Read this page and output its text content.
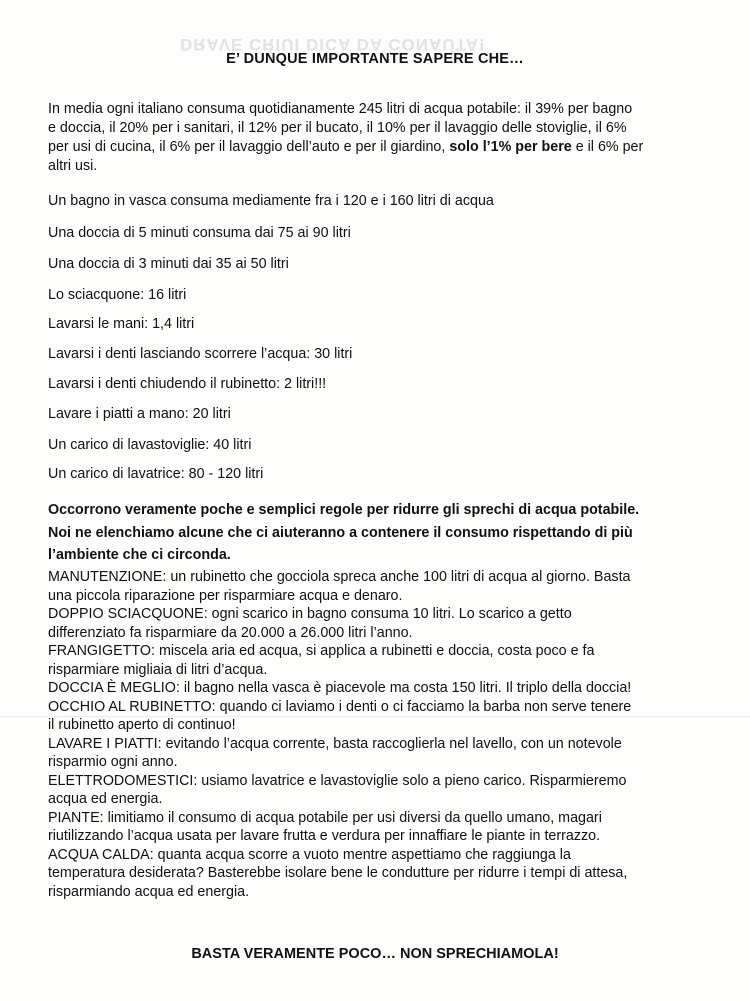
DRAVE CRIUI DICA DA CONAUTA!
E’ DUNQUE IMPORTANTE SAPERE CHE…
In media ogni italiano consuma quotidianamente 245 litri di acqua potabile: il 39% per bagno
e doccia, il 20% per i sanitari, il 12% per il bucato, il 10% per il lavaggio delle stoviglie, il 6%
per usi di cucina, il 6% per il lavaggio dell’auto e per il giardino, solo l’1% per bere e il 6% per
altri usi.
Un bagno in vasca consuma mediamente fra i 120 e i 160 litri di acqua
Una doccia di 5 minuti consuma dai 75 ai 90 litri
Una doccia di 3 minuti dai 35 ai 50 litri
Lo sciacquone: 16 litri
Lavarsi le mani: 1,4 litri
Lavarsi i denti lasciando scorrere l’acqua: 30 litri
Lavarsi i denti chiudendo il rubinetto: 2 litri!!!
Lavare i piatti a mano: 20 litri
Un carico di lavastoviglie: 40 litri
Un carico di lavatrice: 80 - 120 litri
Occorrono veramente poche e semplici regole per ridurre gli sprechi di acqua potabile.
Noi ne elenchiamo alcune che ci aiuteranno a contenere il consumo rispettando di più
l’ambiente che ci circonda.
MANUTENZIONE: un rubinetto che gocciola spreca anche 100 litri di acqua al giorno. Basta
una piccola riparazione per risparmiare acqua e denaro.
DOPPIO SCIACQUONE: ogni scarico in bagno consuma 10 litri. Lo scarico a getto
differenziato fa risparmiare da 20.000 a 26.000 litri l’anno.
FRANGIGETTO: miscela aria ed acqua, si applica a rubinetti e doccia, costa poco e fa
risparmiare migliaia di litri d’acqua.
DOCCIA È MEGLIO: il bagno nella vasca è piacevole ma costa 150 litri. Il triplo della doccia!
OCCHIO AL RUBINETTO: quando ci laviamo i denti o ci facciamo la barba non serve tenere
il rubinetto aperto di continuo!
LAVARE I PIATTI: evitando l’acqua corrente, basta raccoglierla nel lavello, con un notevole
risparmio ogni anno.
ELETTRODOMESTICI: usiamo lavatrice e lavastoviglie solo a pieno carico. Risparmieremo
acqua ed energia.
PIANTE: limitiamo il consumo di acqua potabile per usi diversi da quello umano, magari
riutilizzando l’acqua usata per lavare frutta e verdura per innaffiare le piante in terrazzo.
ACQUA CALDA: quanta acqua scorre a vuoto mentre aspettiamo che raggiunga la
temperatura desiderata? Basterebbe isolare bene le condutture per ridurre i tempi di attesa,
risparmiando acqua ed energia.
BASTA VERAMENTE POCO… NON SPRECHIAMOLA!
